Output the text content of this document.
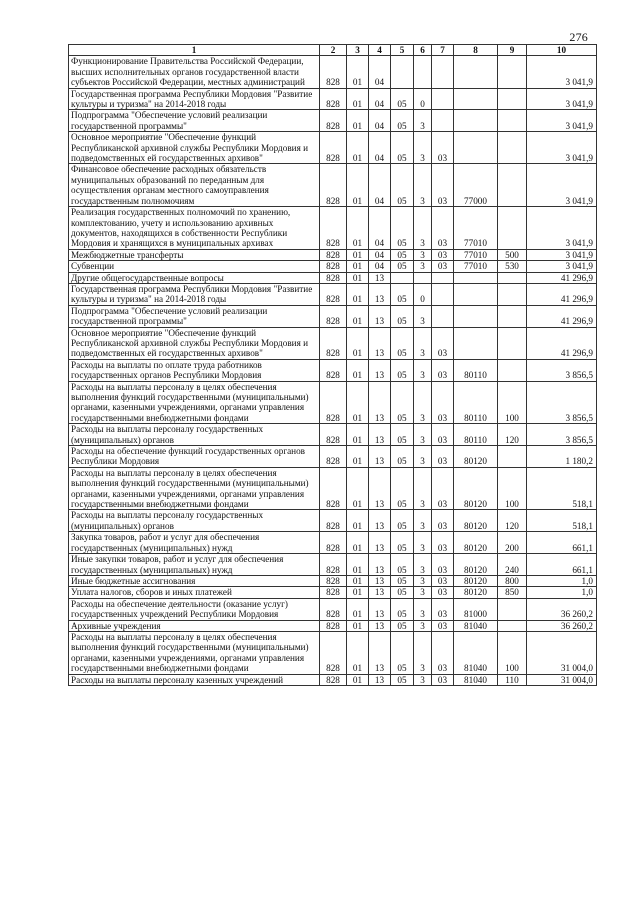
276
1	2	3	4	5	6	7	8	9	10
Функционирование Правительства Российской Федерации, высших исполнительных органов государственной власти субъектов Российской Федерации, местных администраций	828	01	04						3 041,9
Государственная программа Республики Мордовия "Развитие культуры и туризма" на 2014-2018 годы	828	01	04	05	0				3 041,9
Подпрограмма "Обеспечение условий реализации государственной программы"	828	01	04	05	3				3 041,9
Основное мероприятие "Обеспечение функций Республиканской архивной службы Республики Мордовия и подведомственных ей государственных архивов"	828	01	04	05	3	03			3 041,9
Финансовое обеспечение расходных обязательств муниципальных образований по переданным для осуществления органам местного самоуправления государственным полномочиям	828	01	04	05	3	03	77000		3 041,9
Реализация государственных полномочий по хранению, комплектованию, учету и использованию архивных документов, находящихся в собственности Республики Мордовия и хранящихся в муниципальных архивах	828	01	04	05	3	03	77010		3 041,9
Межбюджетные трансферты	828	01	04	05	3	03	77010	500	3 041,9
Субвенции	828	01	04	05	3	03	77010	530	3 041,9
Другие общегосударственные вопросы	828	01	13						41 296,9
Государственная программа Республики Мордовия "Развитие культуры и туризма" на 2014-2018 годы	828	01	13	05	0				41 296,9
Подпрограмма "Обеспечение условий реализации государственной программы"	828	01	13	05	3				41 296,9
Основное мероприятие "Обеспечение функций Республиканской архивной службы Республики Мордовия и подведомственных ей государственных архивов"	828	01	13	05	3	03			41 296,9
Расходы на выплаты по оплате труда работников государственных органов Республики Мордовия	828	01	13	05	3	03	80110		3 856,5
Расходы на выплаты персоналу в целях обеспечения выполнения функций государственными (муниципальными) органами, казенными учреждениями, органами управления государственными внебюджетными фондами	828	01	13	05	3	03	80110	100	3 856,5
Расходы на выплаты персоналу государственных (муниципальных) органов	828	01	13	05	3	03	80110	120	3 856,5
Расходы на обеспечение функций государственных органов Республики Мордовия	828	01	13	05	3	03	80120		1 180,2
Расходы на выплаты персоналу в целях обеспечения выполнения функций государственными (муниципальными) органами, казенными учреждениями, органами управления государственными внебюджетными фондами	828	01	13	05	3	03	80120	100	518,1
Расходы на выплаты персоналу государственных (муниципальных) органов	828	01	13	05	3	03	80120	120	518,1
Закупка товаров, работ и услуг для обеспечения государственных (муниципальных) нужд	828	01	13	05	3	03	80120	200	661,1
Иные закупки товаров, работ и услуг для обеспечения государственных (муниципальных) нужд	828	01	13	05	3	03	80120	240	661,1
Иные бюджетные ассигнования	828	01	13	05	3	03	80120	800	1,0
Уплата налогов, сборов и иных платежей	828	01	13	05	3	03	80120	850	1,0
Расходы на обеспечение деятельности (оказание услуг) государственных учреждений Республики Мордовия	828	01	13	05	3	03	81000		36 260,2
Архивные учреждения	828	01	13	05	3	03	81040		36 260,2
Расходы на выплаты персоналу в целях обеспечения выполнения функций государственными (муниципальными) органами, казенными учреждениями, органами управления государственными внебюджетными фондами	828	01	13	05	3	03	81040	100	31 004,0
Расходы на выплаты персоналу казенных учреждений	828	01	13	05	3	03	81040	110	31 004,0
